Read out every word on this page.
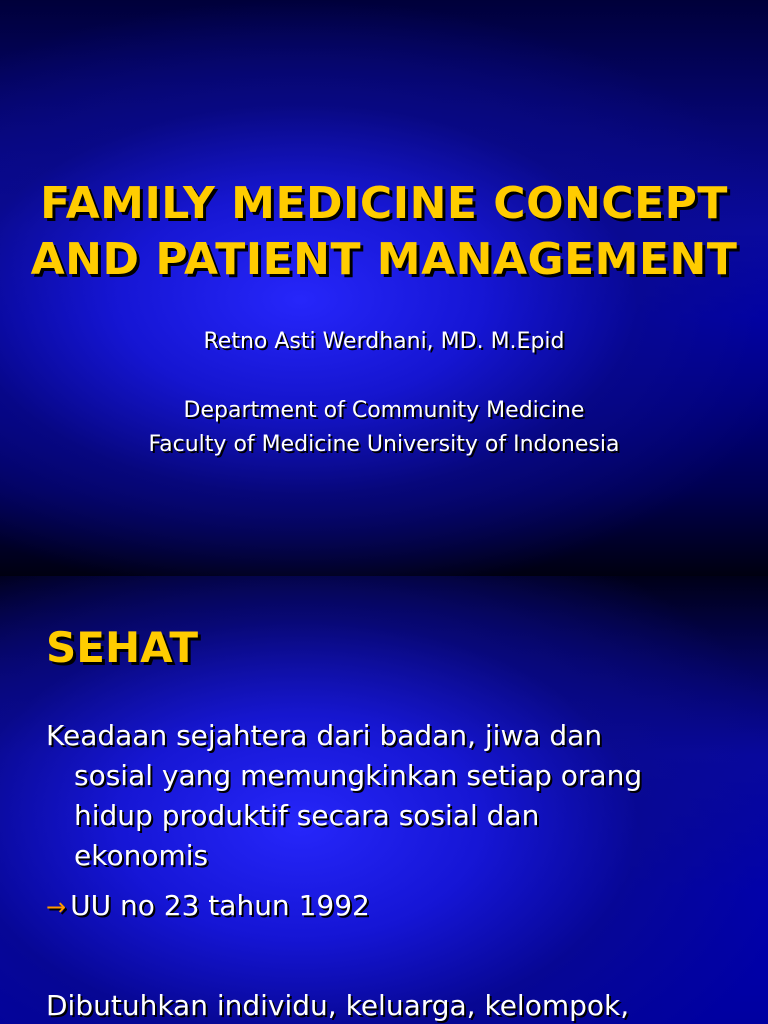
FAMILY MEDICINE CONCEPT
AND PATIENT MANAGEMENT
Retno Asti Werdhani, MD. M.Epid
Department of Community Medicine
Faculty of Medicine University of Indonesia
SEHAT
Keadaan sejahtera dari badan, jiwa dan
sosial yang memungkinkan setiap orang
hidup produktif secara sosial dan
ekonomis
→ UU no 23 tahun 1992
Dibutuhkan individu, keluarga, kelompok,
